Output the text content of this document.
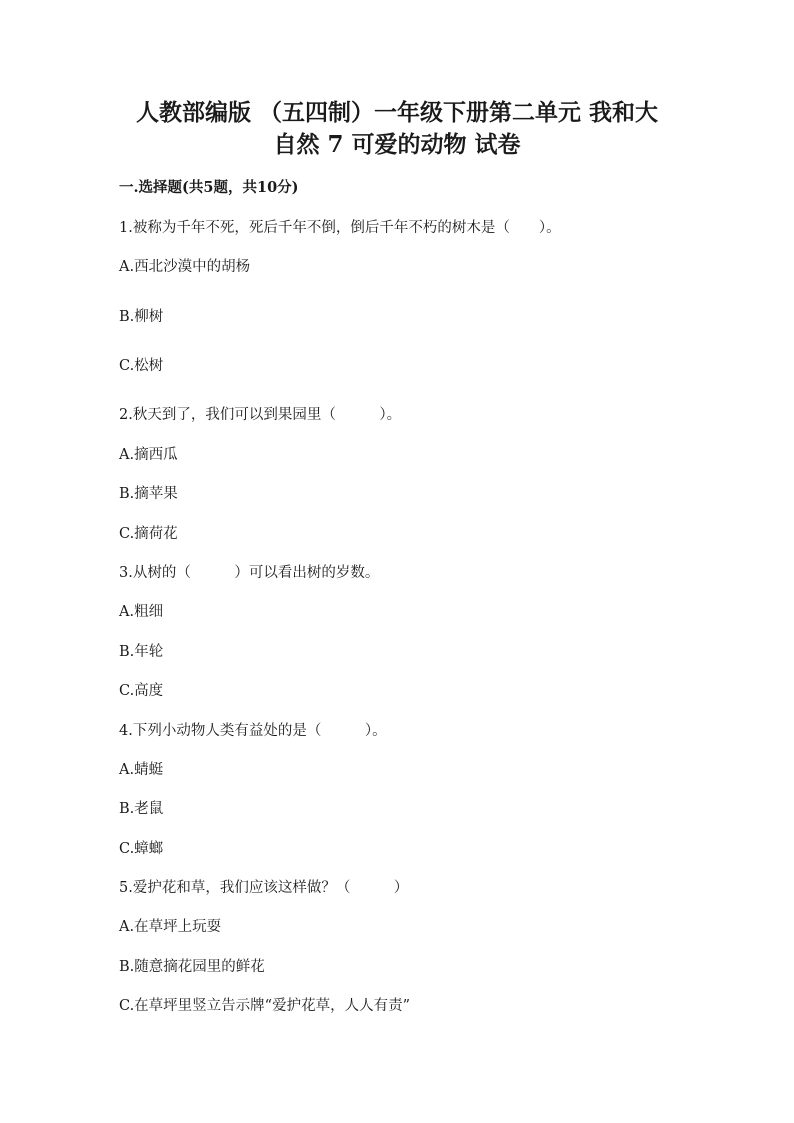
人教部编版 （五四制）一年级下册第二单元 我和大
自然 7 可爱的动物 试卷
一.选择题(共5题，共10分)
1.被称为千年不死，死后千年不倒，倒后千年不朽的树木是（　　）。
A.西北沙漠中的胡杨
B.柳树
C.松树
2.秋天到了，我们可以到果园里（　　　）。
A.摘西瓜
B.摘苹果
C.摘荷花
3.从树的（　　　）可以看出树的岁数。
A.粗细
B.年轮
C.高度
4.下列小动物人类有益处的是（　　　）。
A.蜻蜓
B.老鼠
C.蟑螂
5.爱护花和草，我们应该这样做？（　　　）
A.在草坪上玩耍
B.随意摘花园里的鲜花
C.在草坪里竖立告示牌“爱护花草，人人有责”
